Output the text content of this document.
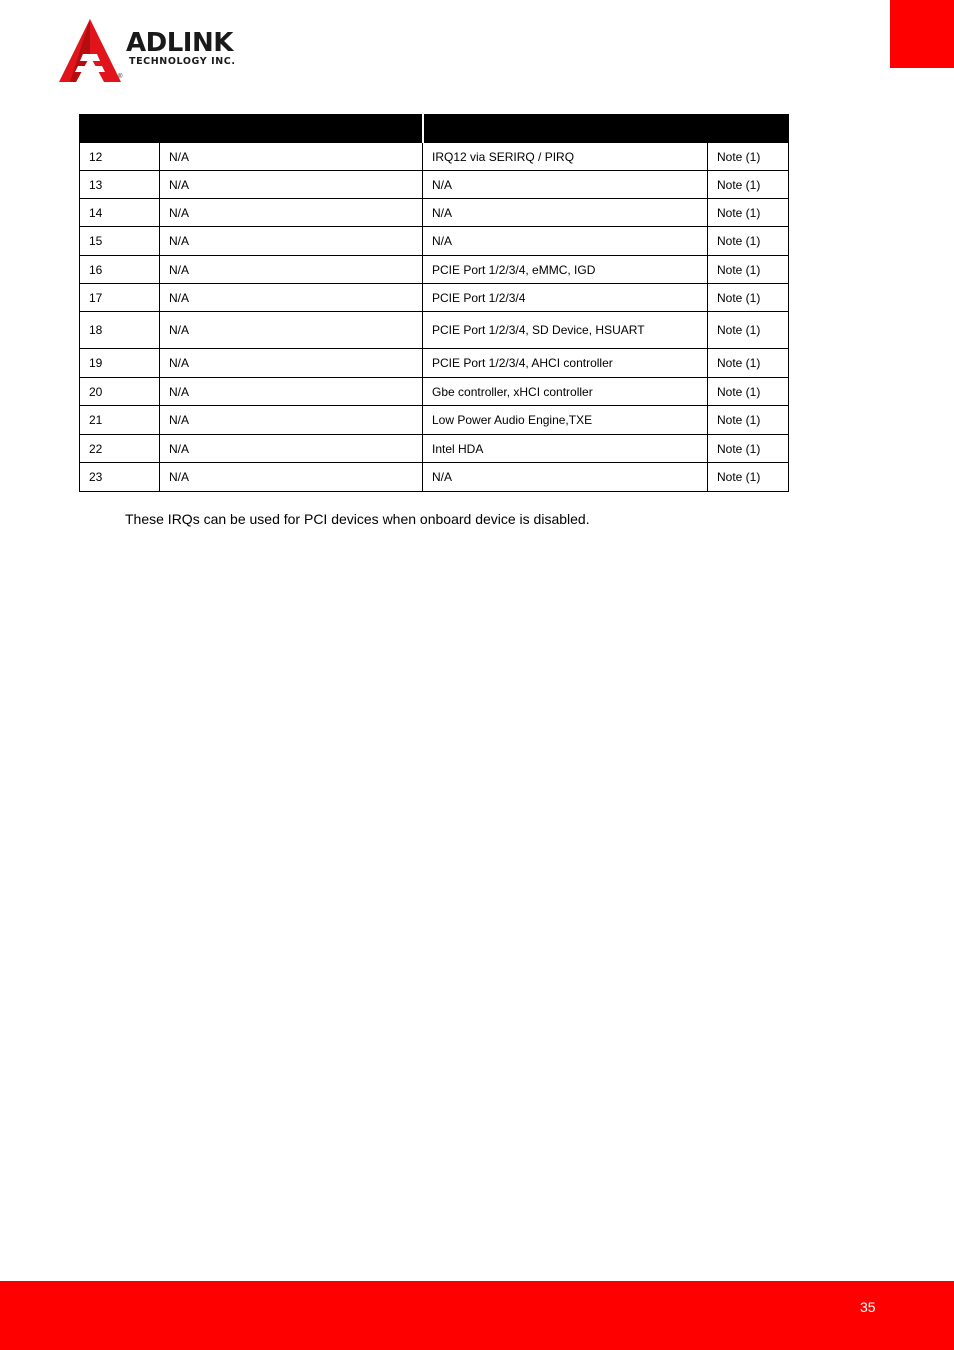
ADLINK
TECHNOLOGY INC.
®

12	N/A	IRQ12 via SERIRQ / PIRQ	Note (1)
13	N/A	N/A	Note (1)
14	N/A	N/A	Note (1)
15	N/A	N/A	Note (1)
16	N/A	PCIE Port 1/2/3/4, eMMC, IGD	Note (1)
17	N/A	PCIE Port 1/2/3/4	Note (1)
18	N/A	PCIE Port 1/2/3/4, SD Device, HSUART	Note (1)
19	N/A	PCIE Port 1/2/3/4, AHCI controller	Note (1)
20	N/A	Gbe controller, xHCI controller	Note (1)
21	N/A	Low Power Audio Engine,TXE	Note (1)
22	N/A	Intel HDA	Note (1)
23	N/A	N/A	Note (1)
These IRQs can be used for PCI devices when onboard device is disabled.
35
